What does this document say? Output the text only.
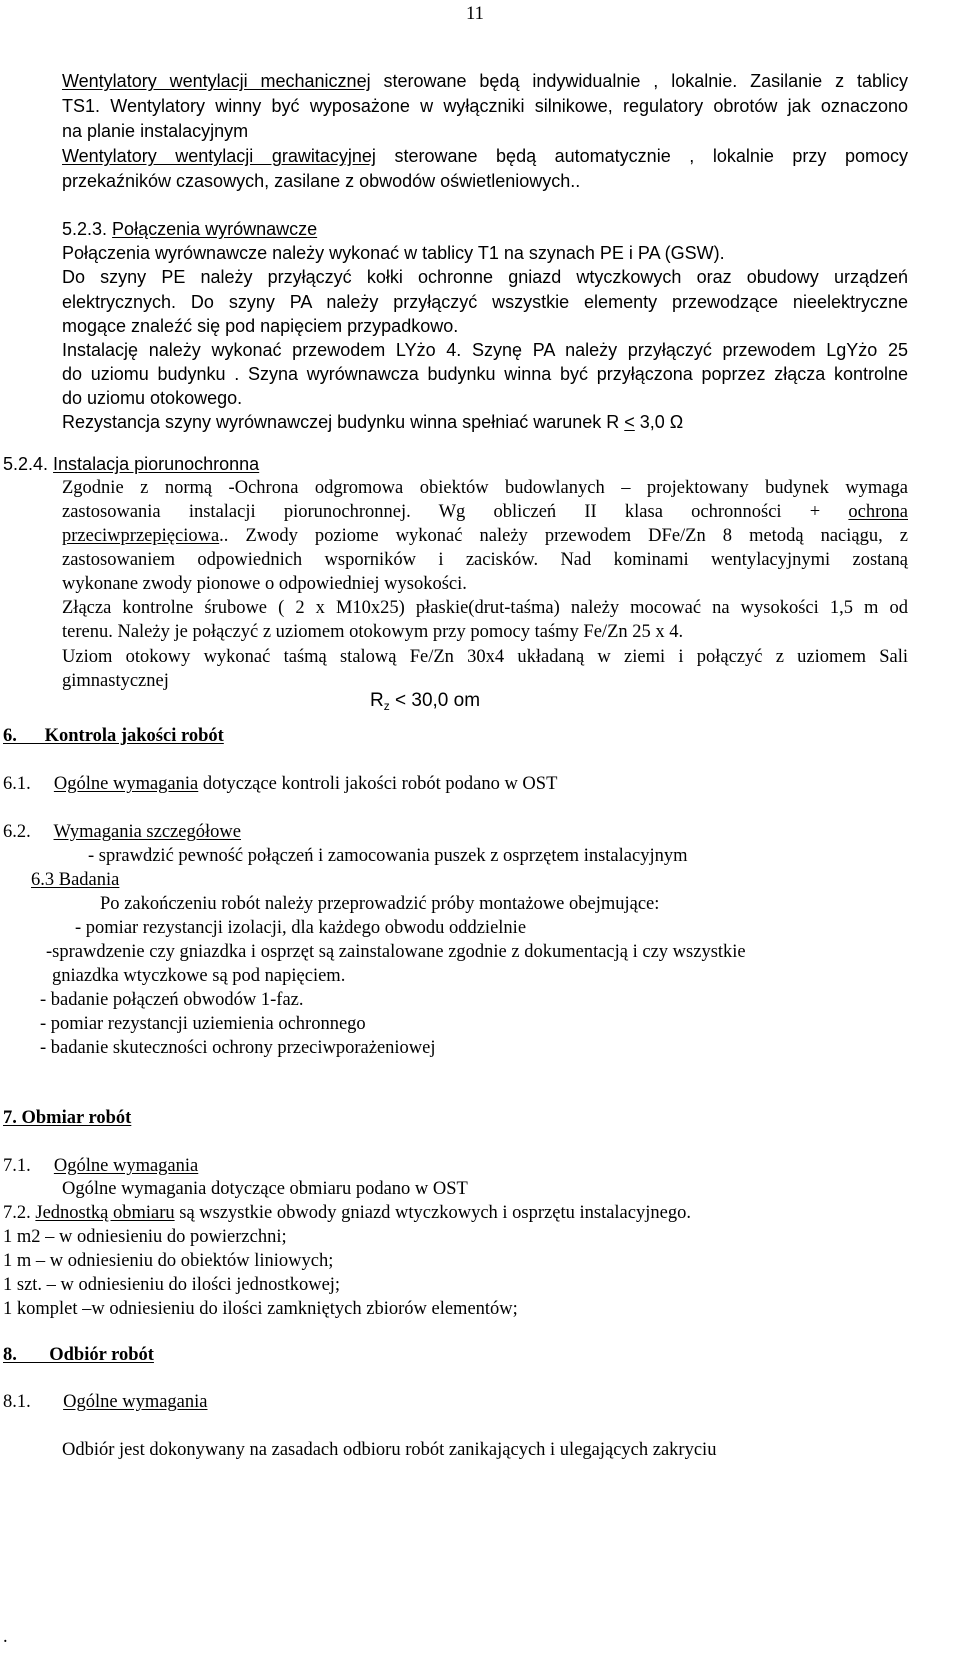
11
Wentylatory wentylacji mechanicznej sterowane będą indywidualnie , lokalnie. Zasilanie z tablicy
TS1. Wentylatory winny być wyposażone w wyłączniki silnikowe, regulatory obrotów jak oznaczono
na planie instalacyjnym
Wentylatory wentylacji grawitacyjnej sterowane będą automatycznie , lokalnie przy pomocy
przekaźników czasowych, zasilane z obwodów oświetleniowych..
5.2.3. Połączenia wyrównawcze
Połączenia wyrównawcze należy wykonać w tablicy T1 na szynach PE i PA (GSW).
Do szyny PE należy przyłączyć kołki ochronne gniazd wtyczkowych oraz obudowy urządzeń
elektrycznych. Do szyny PA należy przyłączyć wszystkie elementy przewodzące nieelektryczne
mogące znaleźć się pod napięciem przypadkowo.
Instalację należy wykonać przewodem LYżo 4. Szynę PA należy przyłączyć przewodem LgYżo 25
do uziomu budynku . Szyna wyrównawcza budynku winna być przyłączona poprzez złącza kontrolne
do uziomu otokowego.
Rezystancja szyny wyrównawczej budynku winna spełniać warunek R ≤ 3,0 Ω
5.2.4. Instalacja piorunochronna
Zgodnie z normą -Ochrona odgromowa obiektów budowlanych – projektowany budynek wymaga
zastosowania instalacji piorunochronnej. Wg obliczeń II klasa ochronności + ochrona
przeciwprzepięciowa.. Zwody poziome wykonać należy przewodem DFe/Zn 8 metodą naciągu, z
zastosowaniem odpowiednich wsporników i zacisków. Nad kominami wentylacyjnymi zostaną
wykonane zwody pionowe o odpowiedniej wysokości.
Złącza kontrolne śrubowe ( 2 x M10x25) płaskie(drut-taśma) należy mocować na wysokości 1,5 m od
terenu. Należy je połączyć z uziomem otokowym przy pomocy taśmy Fe/Zn 25 x 4.
Uziom otokowy wykonać taśmą stalową Fe/Zn 30x4 układaną w ziemi i połączyć z uziomem Sali
gimnastycznej
$R_z < 30,0$ om
6.      Kontrola jakości robót
6.1.     Ogólne wymagania dotyczące kontroli jakości robót podano w OST
6.2.     Wymagania szczegółowe
- sprawdzić pewność połączeń i zamocowania puszek z osprzętem instalacyjnym
6.3 Badania
Po zakończeniu robót należy przeprowadzić próby montażowe obejmujące:
- pomiar rezystancji izolacji, dla każdego obwodu oddzielnie
-sprawdzenie czy gniazdka i osprzęt są zainstalowane zgodnie z dokumentacją i czy wszystkie
gniazdka wtyczkowe są pod napięciem.
- badanie połączeń obwodów 1-faz.
- pomiar rezystancji uziemienia ochronnego
- badanie skuteczności ochrony przeciwporażeniowej
7. Obmiar robót
7.1.     Ogólne wymagania
Ogólne wymagania dotyczące obmiaru podano w OST
7.2. Jednostką obmiaru są wszystkie obwody gniazd wtyczkowych i osprzętu instalacyjnego.
1 m2 – w odniesieniu do powierzchni;
1 m – w odniesieniu do obiektów liniowych;
1 szt. – w odniesieniu do ilości jednostkowej;
1 komplet –w odniesieniu do ilości zamkniętych zbiorów elementów;
8.       Odbiór robót
8.1.       Ogólne wymagania
Odbiór jest dokonywany na zasadach odbioru robót zanikających i ulegających zakryciu
.
